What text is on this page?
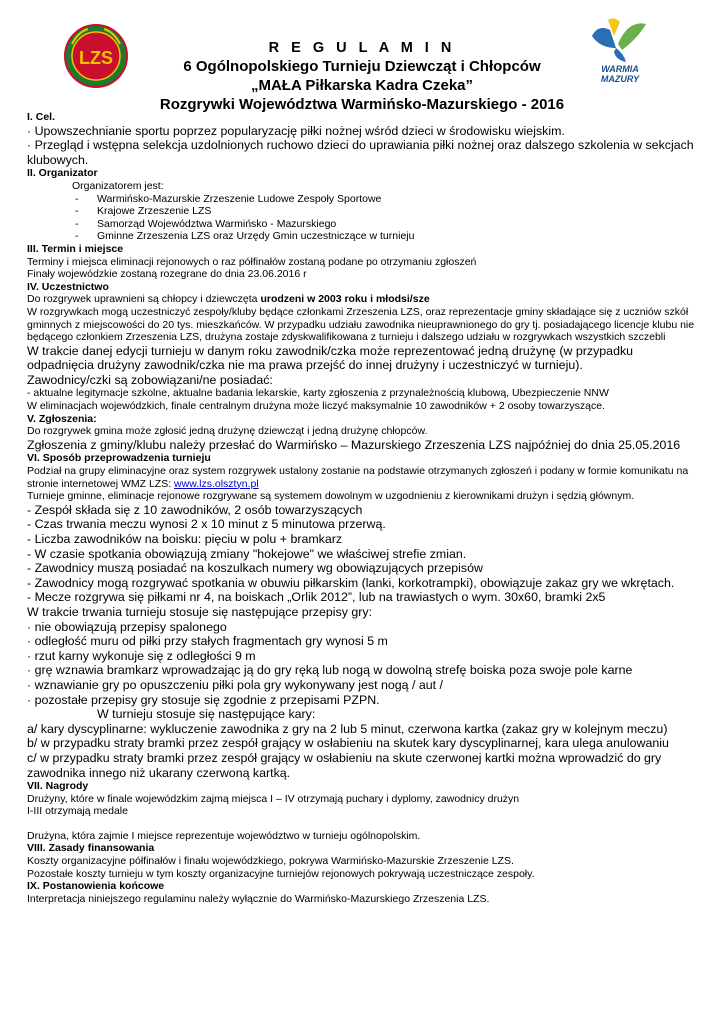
LZS
WARMIA
MAZURY
R E G U L A M I N
6 Ogólnopolskiego Turnieju Dziewcząt i Chłopców
„MAŁA Piłkarska Kadra Czeka”
Rozgrywki Województwa Warmińsko-Mazurskiego - 2016

I. Cel.

· Upowszechnianie sportu poprzez popularyzację piłki nożnej wśród dzieci w środowisku wiejskim.

· Przegląd i wstępna selekcja uzdolnionych ruchowo dzieci do uprawiania piłki nożnej oraz dalszego szkolenia w sekcjach klubowych.

II. Organizator

Organizatorem jest:

-	Warmińsko-Mazurskie Zrzeszenie Ludowe Zespoły Sportowe
-	Krajowe Zrzeszenie LZS
-	Samorząd Województwa Warmińsko - Mazurskiego
-	Gminne Zrzeszenia LZS oraz Urzędy Gmin uczestniczące w turnieju

III. Termin i miejsce

Terminy i miejsca eliminacji rejonowych o raz półfinałów zostaną podane po otrzymaniu zgłoszeń

Finały wojewódzkie zostaną rozegrane do dnia 23.06.2016 r

IV. Uczestnictwo

Do rozgrywek uprawnieni są chłopcy i dziewczęta urodzeni w 2003 roku i młodsi/sze

W rozgrywkach mogą uczestniczyć zespoły/kluby będące członkami Zrzeszenia LZS, oraz reprezentacje gminy składające się z uczniów szkół gminnych z miejscowości do 20 tys. mieszkańców. W przypadku udziału zawodnika nieuprawnionego do gry tj. posiadającego licencje klubu nie będącego członkiem Zrzeszenia LZS, drużyna zostaje zdyskwalifikowana z turnieju i dalszego udziału w rozgrywkach wszystkich szczebli

W trakcie danej edycji turnieju w danym roku zawodnik/czka może reprezentować jedną drużynę (w przypadku odpadnięcia drużyny zawodnik/czka nie ma prawa przejść do innej drużyny i uczestniczyć w turnieju).

Zawodnicy/czki są zobowiązani/ne posiadać:

- aktualne legitymacje szkolne, aktualne badania lekarskie, karty zgłoszenia z przynależnością klubową, Ubezpieczenie NNW

W eliminacjach wojewódzkich, finale centralnym drużyna może liczyć maksymalnie 10 zawodników + 2 osoby towarzyszące.

V. Zgłoszenia:

Do rozgrywek gmina może zgłosić jedną drużynę dziewcząt i jedną drużynę chłopców.

Zgłoszenia z gminy/klubu należy przesłać do Warmińsko – Mazurskiego Zrzeszenia LZS najpóźniej do dnia 25.05.2016

VI. Sposób przeprowadzenia turnieju

Podział na grupy eliminacyjne oraz system rozgrywek ustalony zostanie na podstawie otrzymanych zgłoszeń i podany w formie komunikatu na stronie internetowej WMZ LZS: www.lzs.olsztyn.pl

Turnieje gminne, eliminacje rejonowe rozgrywane są systemem dowolnym w uzgodnieniu z kierownikami drużyn i sędzią głównym.

- Zespół składa się z 10 zawodników, 2 osób towarzyszących

- Czas trwania meczu wynosi 2 x 10 minut z 5 minutowa przerwą.

- Liczba zawodników na boisku: pięciu w polu + bramkarz

- W czasie spotkania obowiązują zmiany "hokejowe" we właściwej strefie zmian.

- Zawodnicy muszą posiadać na koszulkach numery wg obowiązujących przepisów

- Zawodnicy mogą rozgrywać spotkania w obuwiu piłkarskim (lanki, korkotrampki), obowiązuje zakaz gry we wkrętach.

- Mecze rozgrywa się piłkami nr 4, na boiskach „Orlik 2012”, lub na trawiastych o wym. 30x60, bramki 2x5

W trakcie trwania turnieju stosuje się następujące przepisy gry:

· nie obowiązują przepisy spalonego

· odległość muru od piłki przy stałych fragmentach gry wynosi 5 m

· rzut karny wykonuje się z odległości 9 m

· grę wznawia bramkarz wprowadzając ją do gry ręką lub nogą w dowolną strefę boiska poza swoje pole karne

· wznawianie gry po opuszczeniu piłki pola gry wykonywany jest nogą / aut /

· pozostałe przepisy gry stosuje się zgodnie z przepisami PZPN.

W turnieju stosuje się następujące kary:

a/ kary dyscyplinarne: wykluczenie zawodnika z gry na 2 lub 5 minut, czerwona kartka (zakaz gry w kolejnym meczu)

b/ w przypadku straty bramki przez zespół grający w osłabieniu na skutek kary dyscyplinarnej, kara ulega anulowaniu

c/ w przypadku straty bramki przez zespół grający w osłabieniu na skute czerwonej kartki można wprowadzić do gry zawodnika innego niż ukarany czerwoną kartką.

VII. Nagrody

Drużyny, które w finale wojewódzkim zajmą miejsca I – IV otrzymają puchary i dyplomy, zawodnicy drużyn

I-III otrzymają medale

Drużyna, która zajmie I miejsce reprezentuje województwo w turnieju ogólnopolskim.

VIII. Zasady finansowania

Koszty organizacyjne półfinałów i finału wojewódzkiego, pokrywa Warmińsko-Mazurskie Zrzeszenie LZS.

Pozostałe koszty turnieju w tym koszty organizacyjne turniejów rejonowych pokrywają uczestniczące zespoły.

IX. Postanowienia końcowe

Interpretacja niniejszego regulaminu należy wyłącznie do Warmińsko-Mazurskiego Zrzeszenia LZS.
